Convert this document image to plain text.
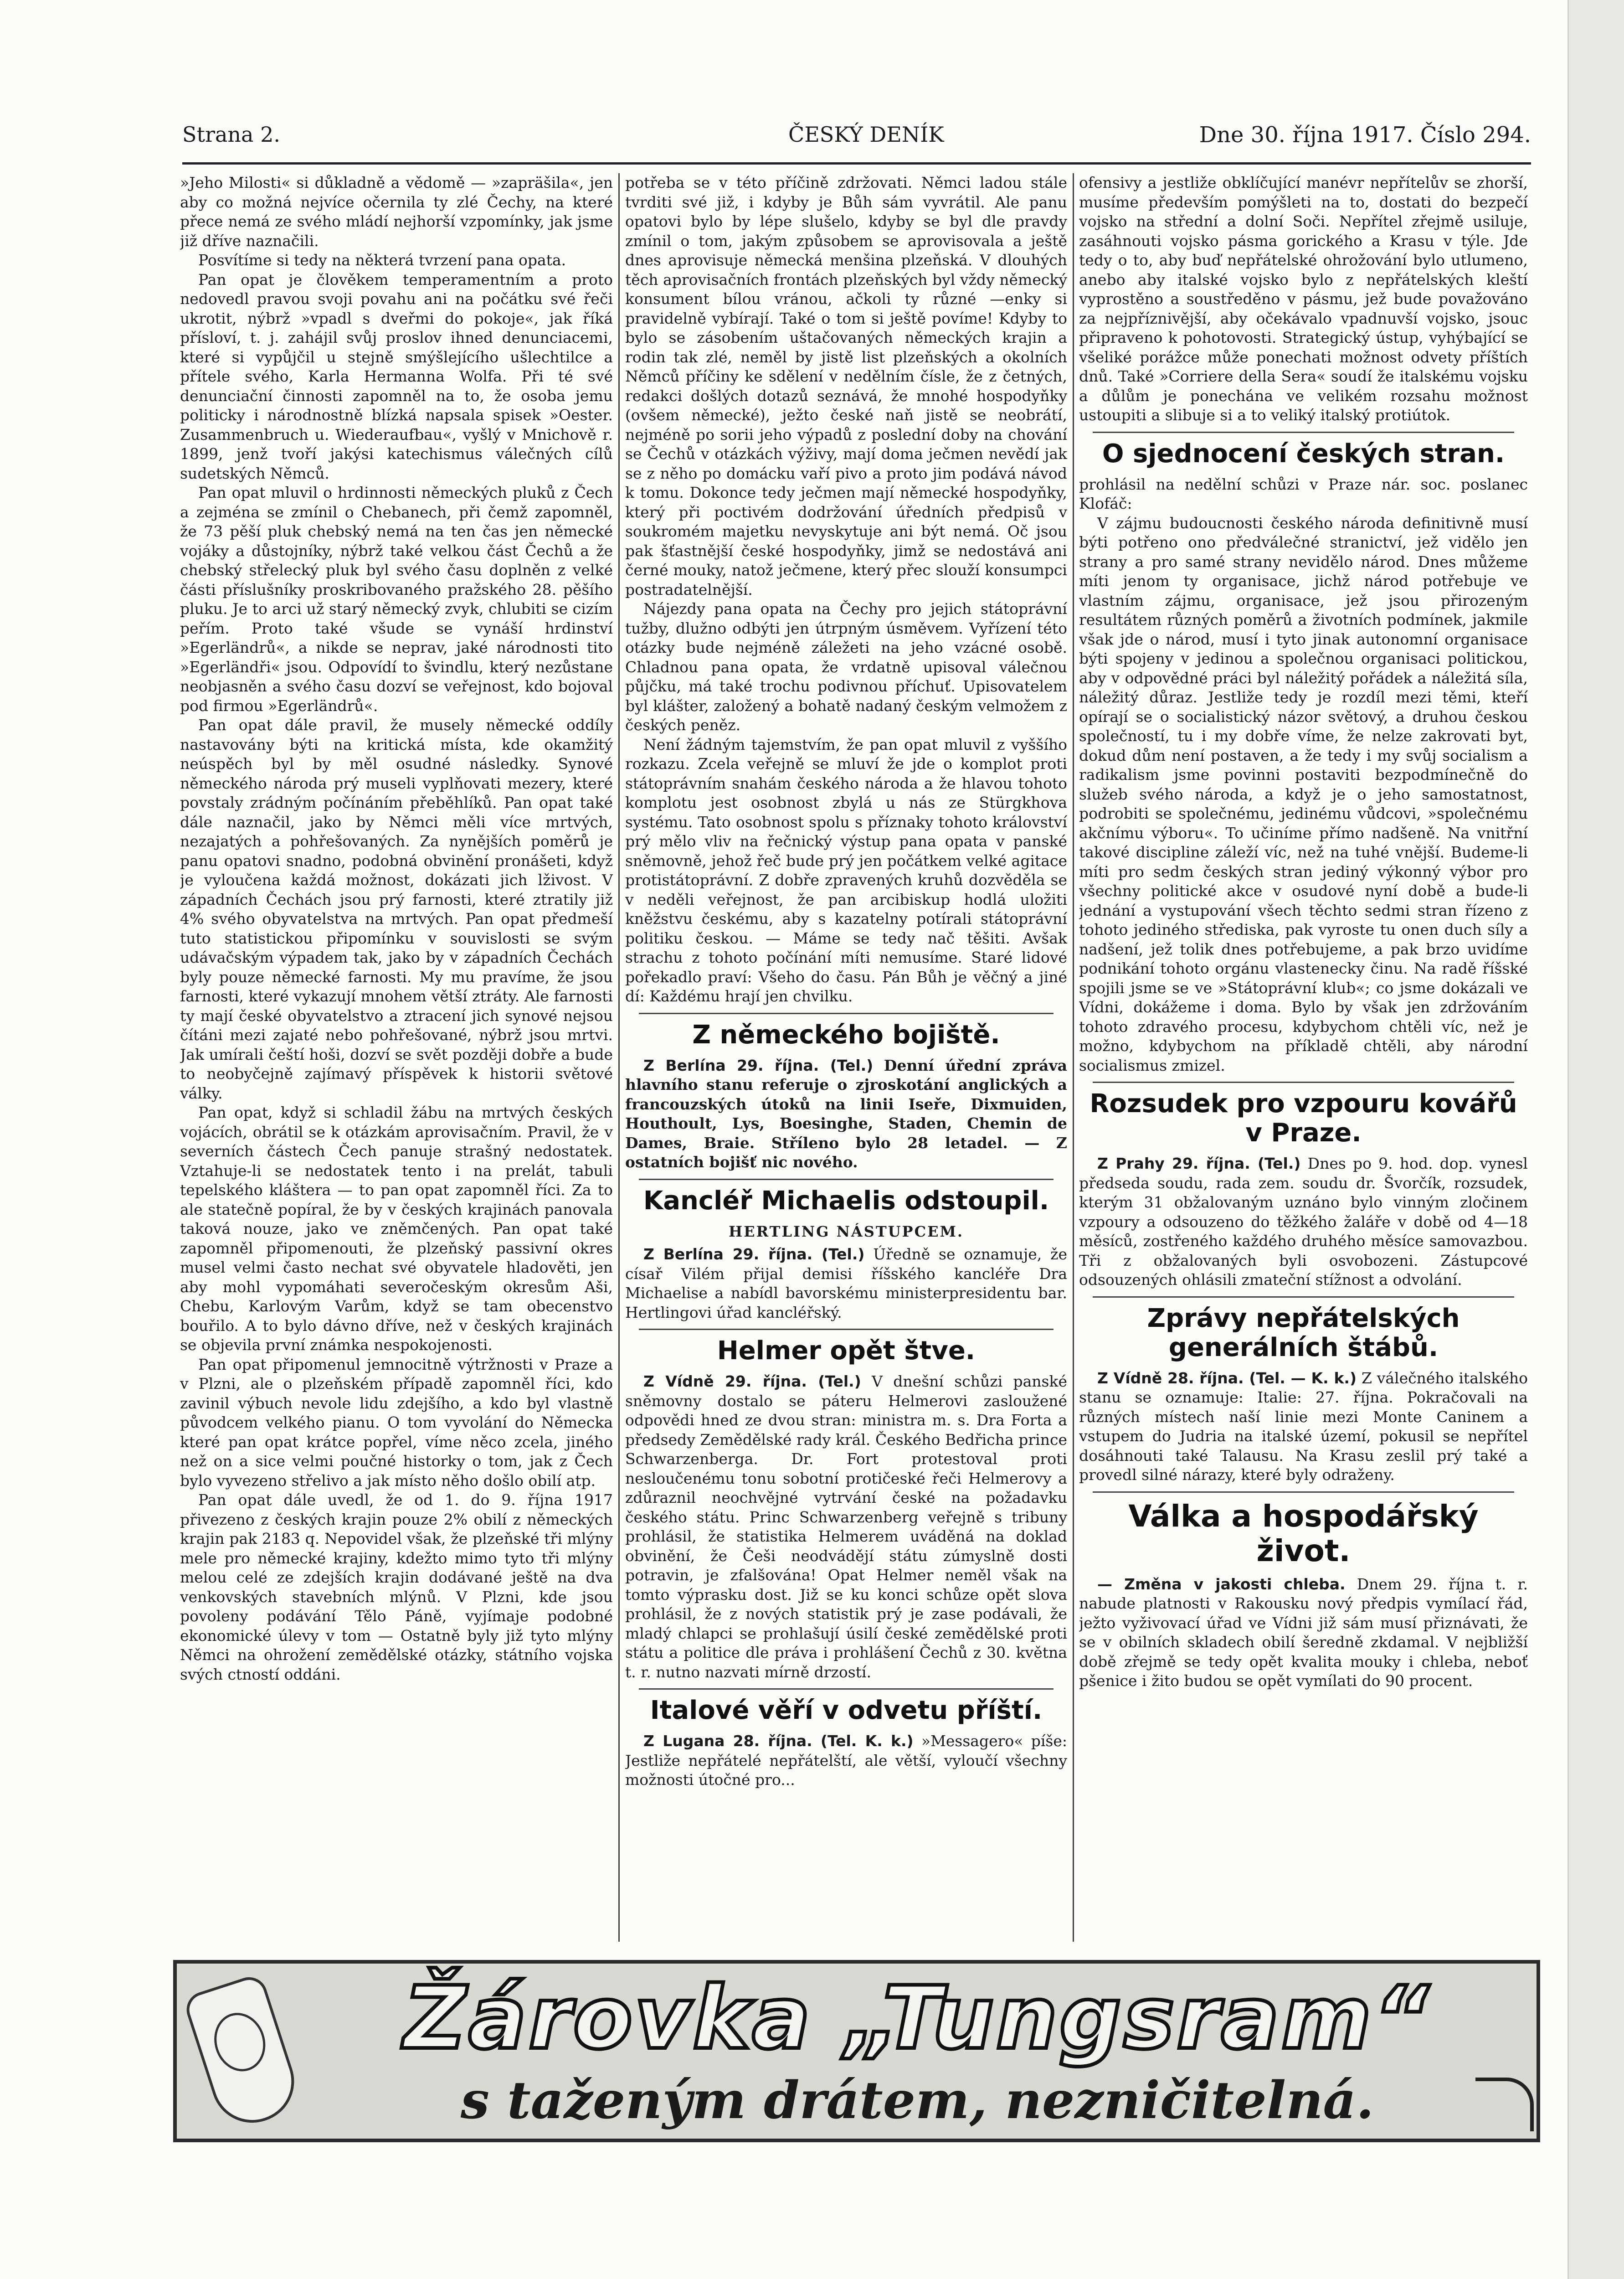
Strana 2.	ČESKÝ DENÍK	Dne 30. října 1917. Číslo 294.

»Jeho Milosti« si důkladně a vědomě — »zapräšila«, jen aby co možná nejvíce očernila ty zlé Čechy, na které přece nemá ze svého mládí nejhorší vzpomínky, jak jsme již dříve naznačili.

Posvítíme si tedy na některá tvrzení pana opata.

Pan opat je člověkem temperamentním a proto nedovedl pravou svoji povahu ani na počátku své řeči ukrotit, nýbrž »vpadl s dveřmi do pokoje«, jak říká přísloví, t. j. zahájil svůj proslov ihned denunciacemi, které si vypůjčil u stejně smýšlejícího ušlechtilce a přítele svého, Karla Hermanna Wolfa. Při té své denunciační činnosti zapomněl na to, že osoba jemu politicky i národnostně blízká napsala spisek »Oester. Zusammenbruch u. Wiederaufbau«, vyšlý v Mnichově r. 1899, jenž tvoří jakýsi katechismus válečných cílů sudetských Němců.

Pan opat mluvil o hrdinnosti německých pluků z Čech a zejména se zmínil o Chebanech, při čemž zapomněl, že 73 pěší pluk chebský nemá na ten čas jen německé vojáky a důstojníky, nýbrž také velkou část Čechů a že chebský střelecký pluk byl svého času doplněn z velké části příslušníky proskribovaného pražského 28. pěšího pluku. Je to arci už starý německý zvyk, chlubiti se cizím peřím. Proto také všude se vynáší hrdinství »Egerländrů«, a nikde se neprav, jaké národnosti tito »Egerländři« jsou. Odpovídí to švindlu, který nezůstane neobjasněn a svého času dozví se veřejnost, kdo bojoval pod firmou »Egerländrů«.

Pan opat dále pravil, že musely německé oddíly nastavovány býti na kritická místa, kde okamžitý neúspěch byl by měl osudné následky. Synové německého národa prý museli vyplňovati mezery, které povstaly zrádným počínáním přeběhlíků. Pan opat také dále naznačil, jako by Němci měli více mrtvých, nezajatých a pohřešovaných. Za nynějších poměrů je panu opatovi snadno, podobná obvinění pronášeti, když je vyloučena každá možnost, dokázati jich lživost. V západních Čechách jsou prý farnosti, které ztratily již 4% svého obyvatelstva na mrtvých. Pan opat předmeší tuto statistickou připomínku v souvislosti se svým udávačským výpadem tak, jako by v západních Čechách byly pouze německé farnosti. My mu pravíme, že jsou farnosti, které vykazují mnohem větší ztráty. Ale farnosti ty mají české obyvatelstvo a ztracení jich synové nejsou čítáni mezi zajaté nebo pohřešované, nýbrž jsou mrtvi. Jak umírali čeští hoši, dozví se svět později dobře a bude to neobyčejně zajímavý příspěvek k historii světové války.

Pan opat, když si schladil žábu na mrtvých českých vojácích, obrátil se k otázkám aprovisačním. Pravil, že v severních částech Čech panuje strašný nedostatek. Vztahuje-li se nedostatek tento i na prelát, tabuli tepelského kláštera — to pan opat zapomněl říci. Za to ale statečně popíral, že by v českých krajinách panovala taková nouze, jako ve zněmčených. Pan opat také zapomněl připomenouti, že plzeňský passivní okres musel velmi často nechat své obyvatele hladověti, jen aby mohl vypomáhati severočeským okresům Aši, Chebu, Karlovým Varům, když se tam obecenstvo bouřilo. A to bylo dávno dříve, než v českých krajinách se objevila první známka nespokojenosti.

Pan opat připomenul jemnocitně výtržnosti v Praze a v Plzni, ale o plzeňském případě zapomněl říci, kdo zavinil výbuch nevole lidu zdejšího, a kdo byl vlastně původcem velkého pianu. O tom vyvolání do Německa které pan opat krátce popřel, víme něco zcela, jiného než on a sice velmi poučné historky o tom, jak z Čech bylo vyvezeno střelivo a jak místo něho došlo obilí atp.

Pan opat dále uvedl, že od 1. do 9. října 1917 přivezeno z českých krajin pouze 2% obilí z německých krajin pak 2183 q. Nepovidel však, že plzeňské tři mlýny mele pro německé krajiny, kdežto mimo tyto tři mlýny melou celé ze zdejších krajin dodávané ještě na dva venkovských stavebních mlýnů. V Plzni, kde jsou povoleny podávání Tělo Páně, vyjímaje podobné ekonomické úlevy v tom — Ostatně byly již tyto mlýny Němci na ohrožení zemědělské otázky, státního vojska svých ctností oddáni.

potřeba se v této příčině zdržovati. Němci ladou stále tvrditi své již, i kdyby je Bůh sám vyvrátil. Ale panu opatovi bylo by lépe slušelo, kdyby se byl dle pravdy zmínil o tom, jakým způsobem se aprovisovala a ještě dnes aprovisuje německá menšina plzeňská. V dlouhých těch aprovisačních frontách plzeňských byl vždy německý konsument bílou vránou, ačkoli ty různé —enky si pravidelně vybírají. Také o tom si ještě povíme! Kdyby to bylo se zásobením uštačovaných německých krajin a rodin tak zlé, neměl by jistě list plzeňských a okolních Němců příčiny ke sdělení v nedělním čísle, že z četných, redakci došlých dotazů seznává, že mnohé hospodyňky (ovšem německé), ježto české naň jistě se neobrátí, nejméně po sorii jeho výpadů z poslední doby na chování se Čechů v otázkách výživy, mají doma ječmen nevědí jak se z něho po domácku vaří pivo a proto jim podává návod k tomu. Dokonce tedy ječmen mají německé hospodyňky, který při poctivém dodržování úředních předpisů v soukromém majetku nevyskytuje ani být nemá. Oč jsou pak šťastnější české hospodyňky, jimž se nedostává ani černé mouky, natož ječmene, který přec slouží konsumpci postradatelnější.

Nájezdy pana opata na Čechy pro jejich státoprávní tužby, dlužno odbýti jen útrpným úsměvem. Vyřízení této otázky bude nejméně záležeti na jeho vzácné osobě. Chladnou pana opata, že vrdatně upisoval válečnou půjčku, má také trochu podivnou příchuť. Upisovatelem byl klášter, založený a bohatě nadaný českým velmožem z českých peněz.

Není žádným tajemstvím, že pan opat mluvil z vyššího rozkazu. Zcela veřejně se mluví že jde o komplot proti státoprávním snahám českého národa a že hlavou tohoto komplotu jest osobnost zbylá u nás ze Stürgkhova systému. Tato osobnost spolu s příznaky tohoto království prý mělo vliv na řečnický výstup pana opata v panské sněmovně, jehož řeč bude prý jen počátkem velké agitace protistátoprávní. Z dobře zpravených kruhů dozvěděla se v neděli veřejnost, že pan arcibiskup hodlá uložiti kněžstvu českému, aby s kazatelny potírali státoprávní politiku českou. — Máme se tedy nač těšiti. Avšak strachu z tohoto počínání míti nemusíme. Staré lidové pořekadlo praví: Všeho do času. Pán Bůh je věčný a jiné dí: Každému hrají jen chvilku.

Z německého bojiště.

Z Berlína 29. října. (Tel.) Denní úřední zpráva hlavního stanu referuje o zjroskotání anglických a francouzských útoků na linii Iseře, Dixmuiden, Houthoult, Lys, Boesinghe, Staden, Chemin de Dames, Braie. Stříleno bylo 28 letadel. — Z ostatních bojišť nic nového.

Kancléř Michaelis odstoupil.
HERTLING NÁSTUPCEM.

Z Berlína 29. října. (Tel.) Úředně se oznamuje, že císař Vilém přijal demisi říšského kancléře Dra Michaelise a nabídl bavorskému ministerpresidentu bar. Hertlingovi úřad kancléřský.

Helmer opět štve.

Z Vídně 29. října. (Tel.) V dnešní schůzi panské sněmovny dostalo se páteru Helmerovi zasloužené odpovědi hned ze dvou stran: ministra m. s. Dra Forta a předsedy Zemědělské rady král. Českého Bedřicha prince Schwarzenberga. Dr. Fort protestoval proti nesloučenému tonu sobotní protičeské řeči Helmerovy a zdůraznil neochvějné vytrvání české na požadavku českého státu. Princ Schwarzenberg veřejně s tribuny prohlásil, že statistika Helmerem uváděná na doklad obvinění, že Češi neodvádějí státu zúmyslně dosti potravin, je zfalšována! Opat Helmer neměl však na tomto výprasku dost. Již se ku konci schůze opět slova prohlásil, že z nových statistik prý je zase podávali, že mladý chlapci se prohlašují úsilí české zemědělské proti státu a politice dle práva i prohlášení Čechů z 30. května t. r. nutno nazvati mírně drzostí.

Italové věří v odvetu příští.

Z Lugana 28. října. (Tel. K. k.) »Messagero« píše: Jestliže nepřátelé nepřátelští, ale větší, vyloučí všechny možnosti útočné pro...

ofensivy a jestliže obklíčující manévr nepřítelův se zhorší, musíme především pomýšleti na to, dostati do bezpečí vojsko na střední a dolní Soči. Nepřítel zřejmě usiluje, zasáhnouti vojsko pásma gorického a Krasu v týle. Jde tedy o to, aby buď nepřátelské ohrožování bylo utlumeno, anebo aby italské vojsko bylo z nepřátelských kleští vyprostěno a soustředěno v pásmu, jež bude považováno za nejpříznivější, aby očekávalo vpadnuvší vojsko, jsouc připraveno k pohotovosti. Strategický ústup, vyhýbající se všeliké porážce může ponechati možnost odvety příštích dnů. Také »Corriere della Sera« soudí že italskému vojsku a důlům je ponechána ve velikém rozsahu možnost ustoupiti a slibuje si a to veliký italský protiútok.

O sjednocení českých stran.

prohlásil na nedělní schůzi v Praze nár. soc. poslanec Klofáč:

V zájmu budoucnosti českého národa definitivně musí býti potřeno ono předválečné stranictví, jež vidělo jen strany a pro samé strany nevidělo národ. Dnes můžeme míti jenom ty organisace, jichž národ potřebuje ve vlastním zájmu, organisace, jež jsou přirozeným resultátem různých poměrů a životních podmínek, jakmile však jde o národ, musí i tyto jinak autonomní organisace býti spojeny v jedinou a společnou organisaci politickou, aby v odpovědné práci byl náležitý pořádek a náležitá síla, náležitý důraz. Jestliže tedy je rozdíl mezi těmi, kteří opírají se o socialistický názor světový, a druhou českou společností, tu i my dobře víme, že nelze zakrovati byt, dokud dům není postaven, a že tedy i my svůj socialism a radikalism jsme povinni postaviti bezpodmínečně do služeb svého národa, a když je o jeho samostatnost, podrobiti se společnému, jedinému vůdcovi, »společnému akčnímu výboru«. To učiníme přímo nadšeně. Na vnitřní takové discipline záleží víc, než na tuhé vnější. Budeme-li míti pro sedm českých stran jediný výkonný výbor pro všechny politické akce v osudové nyní době a bude-li jednání a vystupování všech těchto sedmi stran řízeno z tohoto jediného střediska, pak vyroste tu onen duch síly a nadšení, jež tolik dnes potřebujeme, a pak brzo uvidíme podnikání tohoto orgánu vlastenecky činu. Na radě říšské spojili jsme se ve »Státoprávní klub«; co jsme dokázali ve Vídni, dokážeme i doma. Bylo by však jen zdržováním tohoto zdravého procesu, kdybychom chtěli víc, než je možno, kdybychom na příkladě chtěli, aby národní socialismus zmizel.

Rozsudek pro vzpouru kovářů v Praze.

Z Prahy 29. října. (Tel.) Dnes po 9. hod. dop. vynesl předseda soudu, rada zem. soudu dr. Švorčík, rozsudek, kterým 31 obžalovaným uznáno bylo vinným zločinem vzpoury a odsouzeno do těžkého žaláře v době od 4—18 měsíců, zostřeného každého druhého měsíce samovazbou. Tři z obžalovaných byli osvobozeni. Zástupcové odsouzených ohlásili zmateční stížnost a odvolání.

Zprávy nepřátelských generálních štábů.

Z Vídně 28. října. (Tel. — K. k.) Z válečného italského stanu se oznamuje: Italie: 27. října. Pokračovali na různých místech naší linie mezi Monte Caninem a vstupem do Judria na italské území, pokusil se nepřítel dosáhnouti také Talausu. Na Krasu zeslil prý také a provedl silné nárazy, které byly odraženy.

Válka a hospodářský život.

— Změna v jakosti chleba. Dnem 29. října t. r. nabude platnosti v Rakousku nový předpis vymílací řád, ježto vyživovací úřad ve Vídni již sám musí přiznávati, že se v obilních skladech obilí šeredně zkdamal. V nejbližší době zřejmě se tedy opět kvalita mouky i chleba, neboť pšenice i žito budou se opět vymílati do 90 procent.

Žárovka „Tungsram“
s taženým drátem, nezničitelná.
